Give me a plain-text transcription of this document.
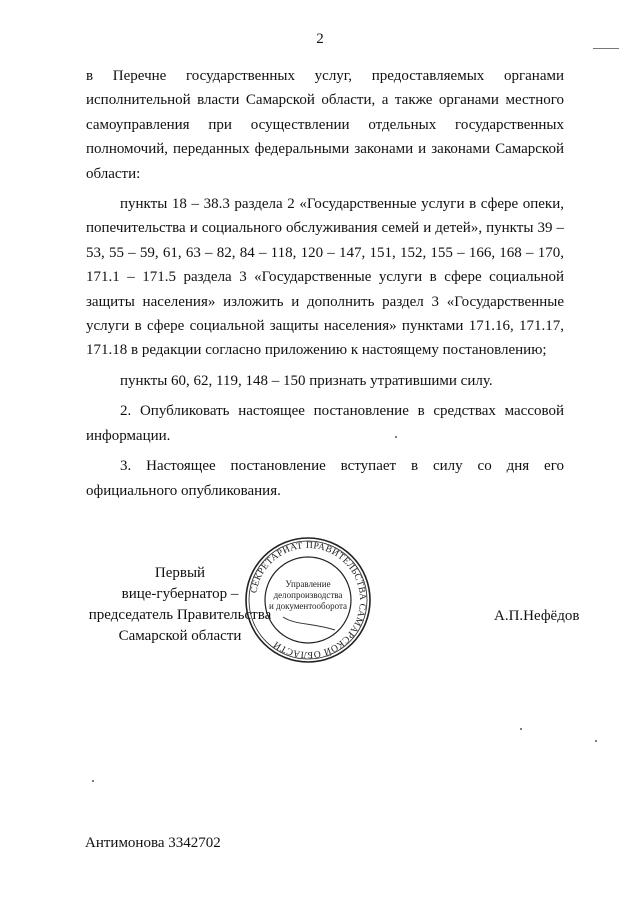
2

в Перечне государственных услуг, предоставляемых органами исполнительной власти Самарской области, а также органами местного самоуправления при осуществлении отдельных государственных полномочий, переданных федеральными законами и законами Самарской области:

пункты 18 – 38.3 раздела 2 «Государственные услуги в сфере опеки, попечительства и социального обслуживания семей и детей», пункты 39 – 53, 55 – 59, 61, 63 – 82, 84 – 118, 120 – 147, 151, 152, 155 – 166, 168 – 170, 171.1 – 171.5 раздела 3 «Государственные услуги в сфере социальной защиты населения» изложить и дополнить раздел 3 «Государственные услуги в сфере социальной защиты населения» пунктами 171.16, 171.17, 171.18 в редакции согласно приложению к настоящему постановлению;

пункты 60, 62, 119, 148 – 150 признать утратившими силу.

2. Опубликовать настоящее постановление в средствах массовой информации.

3. Настоящее постановление вступает в силу со дня его официального опубликования.

Первый
вице-губернатор –
председатель Правительства
Самарской области
СЕКРЕТАРИАТ ПРАВИТЕЛЬСТВА САМАРСКОЙ ОБЛАСТИ
Управление
делопроизводства
и документооборота
А.П.Нефёдов
Антимонова 3342702
